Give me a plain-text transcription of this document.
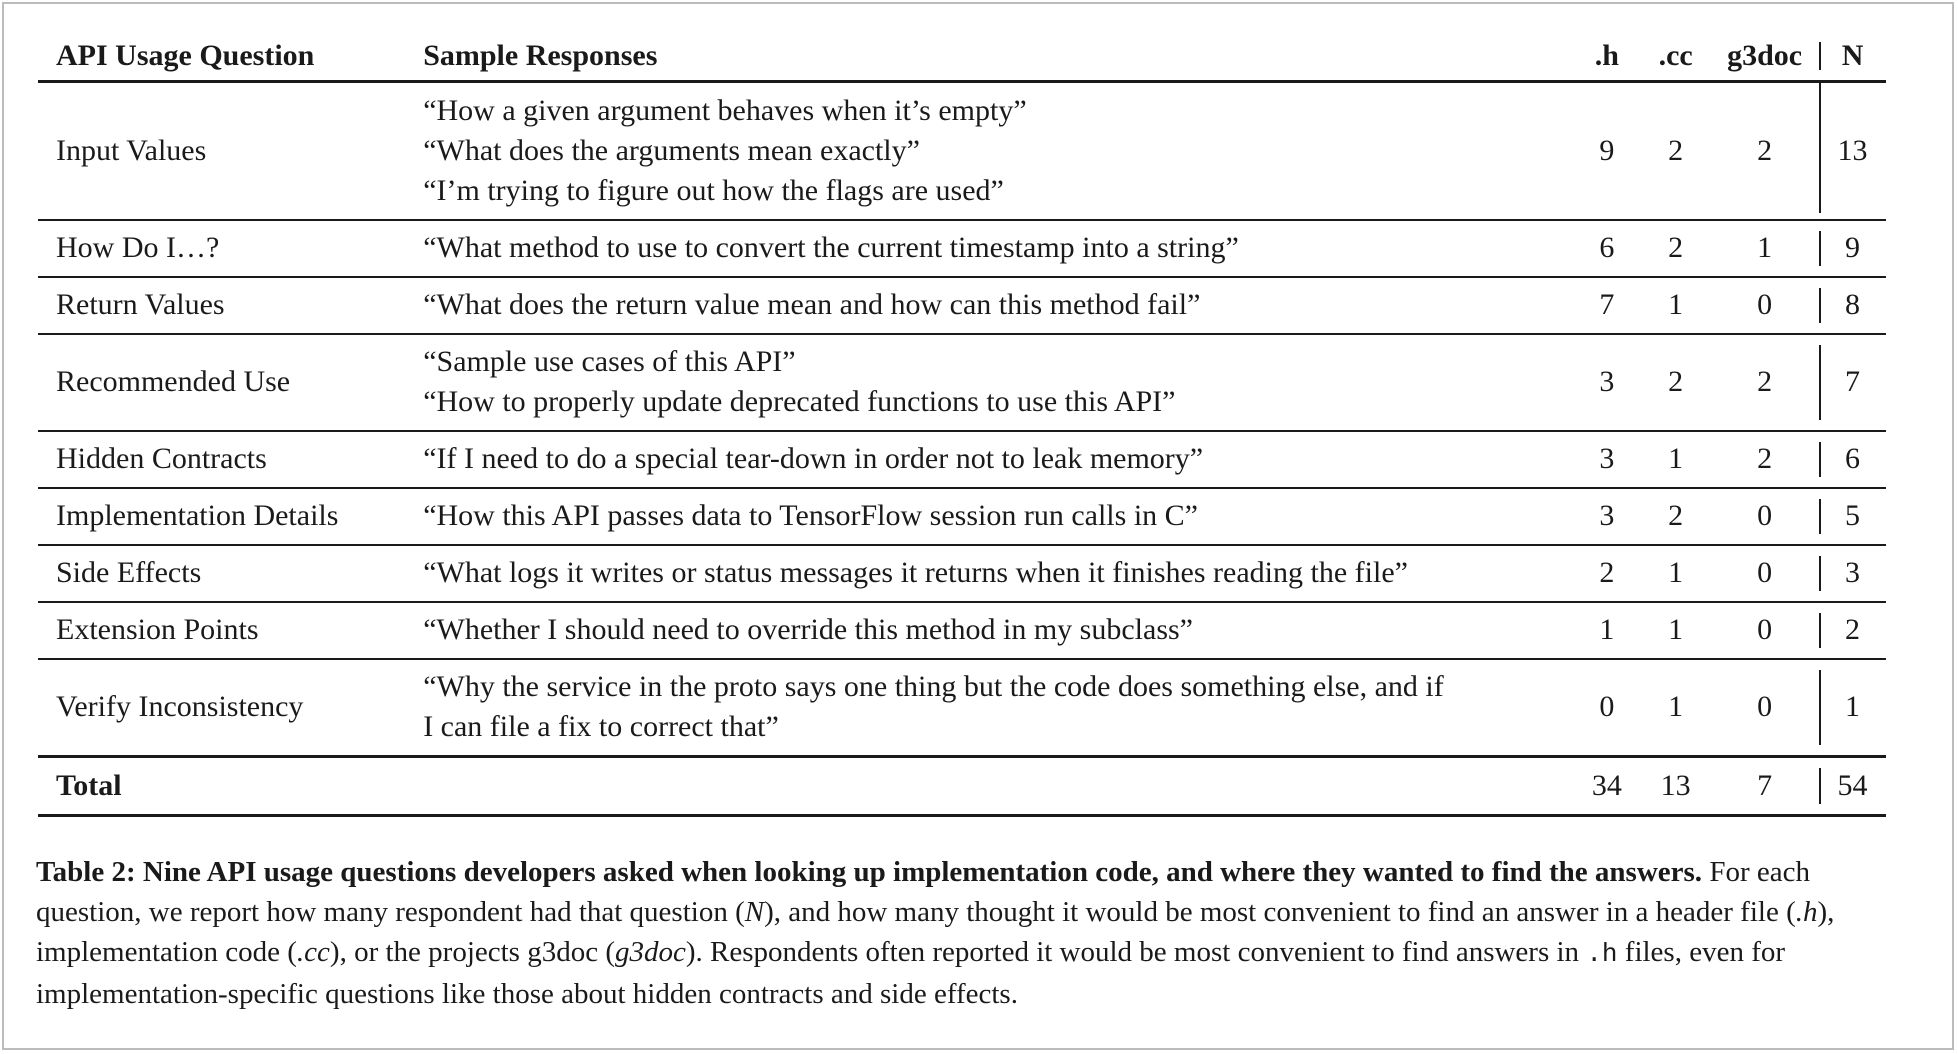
API Usage Question	Sample Responses	.h	.cc	g3doc	N
Input Values	“How a given argument behaves when it’s empty”
“What does the arguments mean exactly”
“I’m trying to figure out how the flags are used”	9	2	2	13
How Do I…?	“What method to use to convert the current timestamp into a string”	6	2	1	9
Return Values	“What does the return value mean and how can this method fail”	7	1	0	8
Recommended Use	“Sample use cases of this API”
“How to properly update deprecated functions to use this API”	3	2	2	7
Hidden Contracts	“If I need to do a special tear-down in order not to leak memory”	3	1	2	6
Implementation Details	“How this API passes data to TensorFlow session run calls in C”	3	2	0	5
Side Effects	“What logs it writes or status messages it returns when it finishes reading the file”	2	1	0	3
Extension Points	“Whether I should need to override this method in my subclass”	1	1	0	2
Verify Inconsistency	“Why the service in the proto says one thing but the code does something else, and if
I can file a fix to correct that”	0	1	0	1
Total		34	13	7	54
Table 2: Nine API usage questions developers asked when looking up implementation code, and where they wanted to find the answers. For each question, we report how many respondent had that question (N), and how many thought it would be most convenient to find an answer in a header file (.h), implementation code (.cc), or the projects g3doc (g3doc). Respondents often reported it would be most convenient to find answers in .h files, even for implementation-specific questions like those about hidden contracts and side effects.
